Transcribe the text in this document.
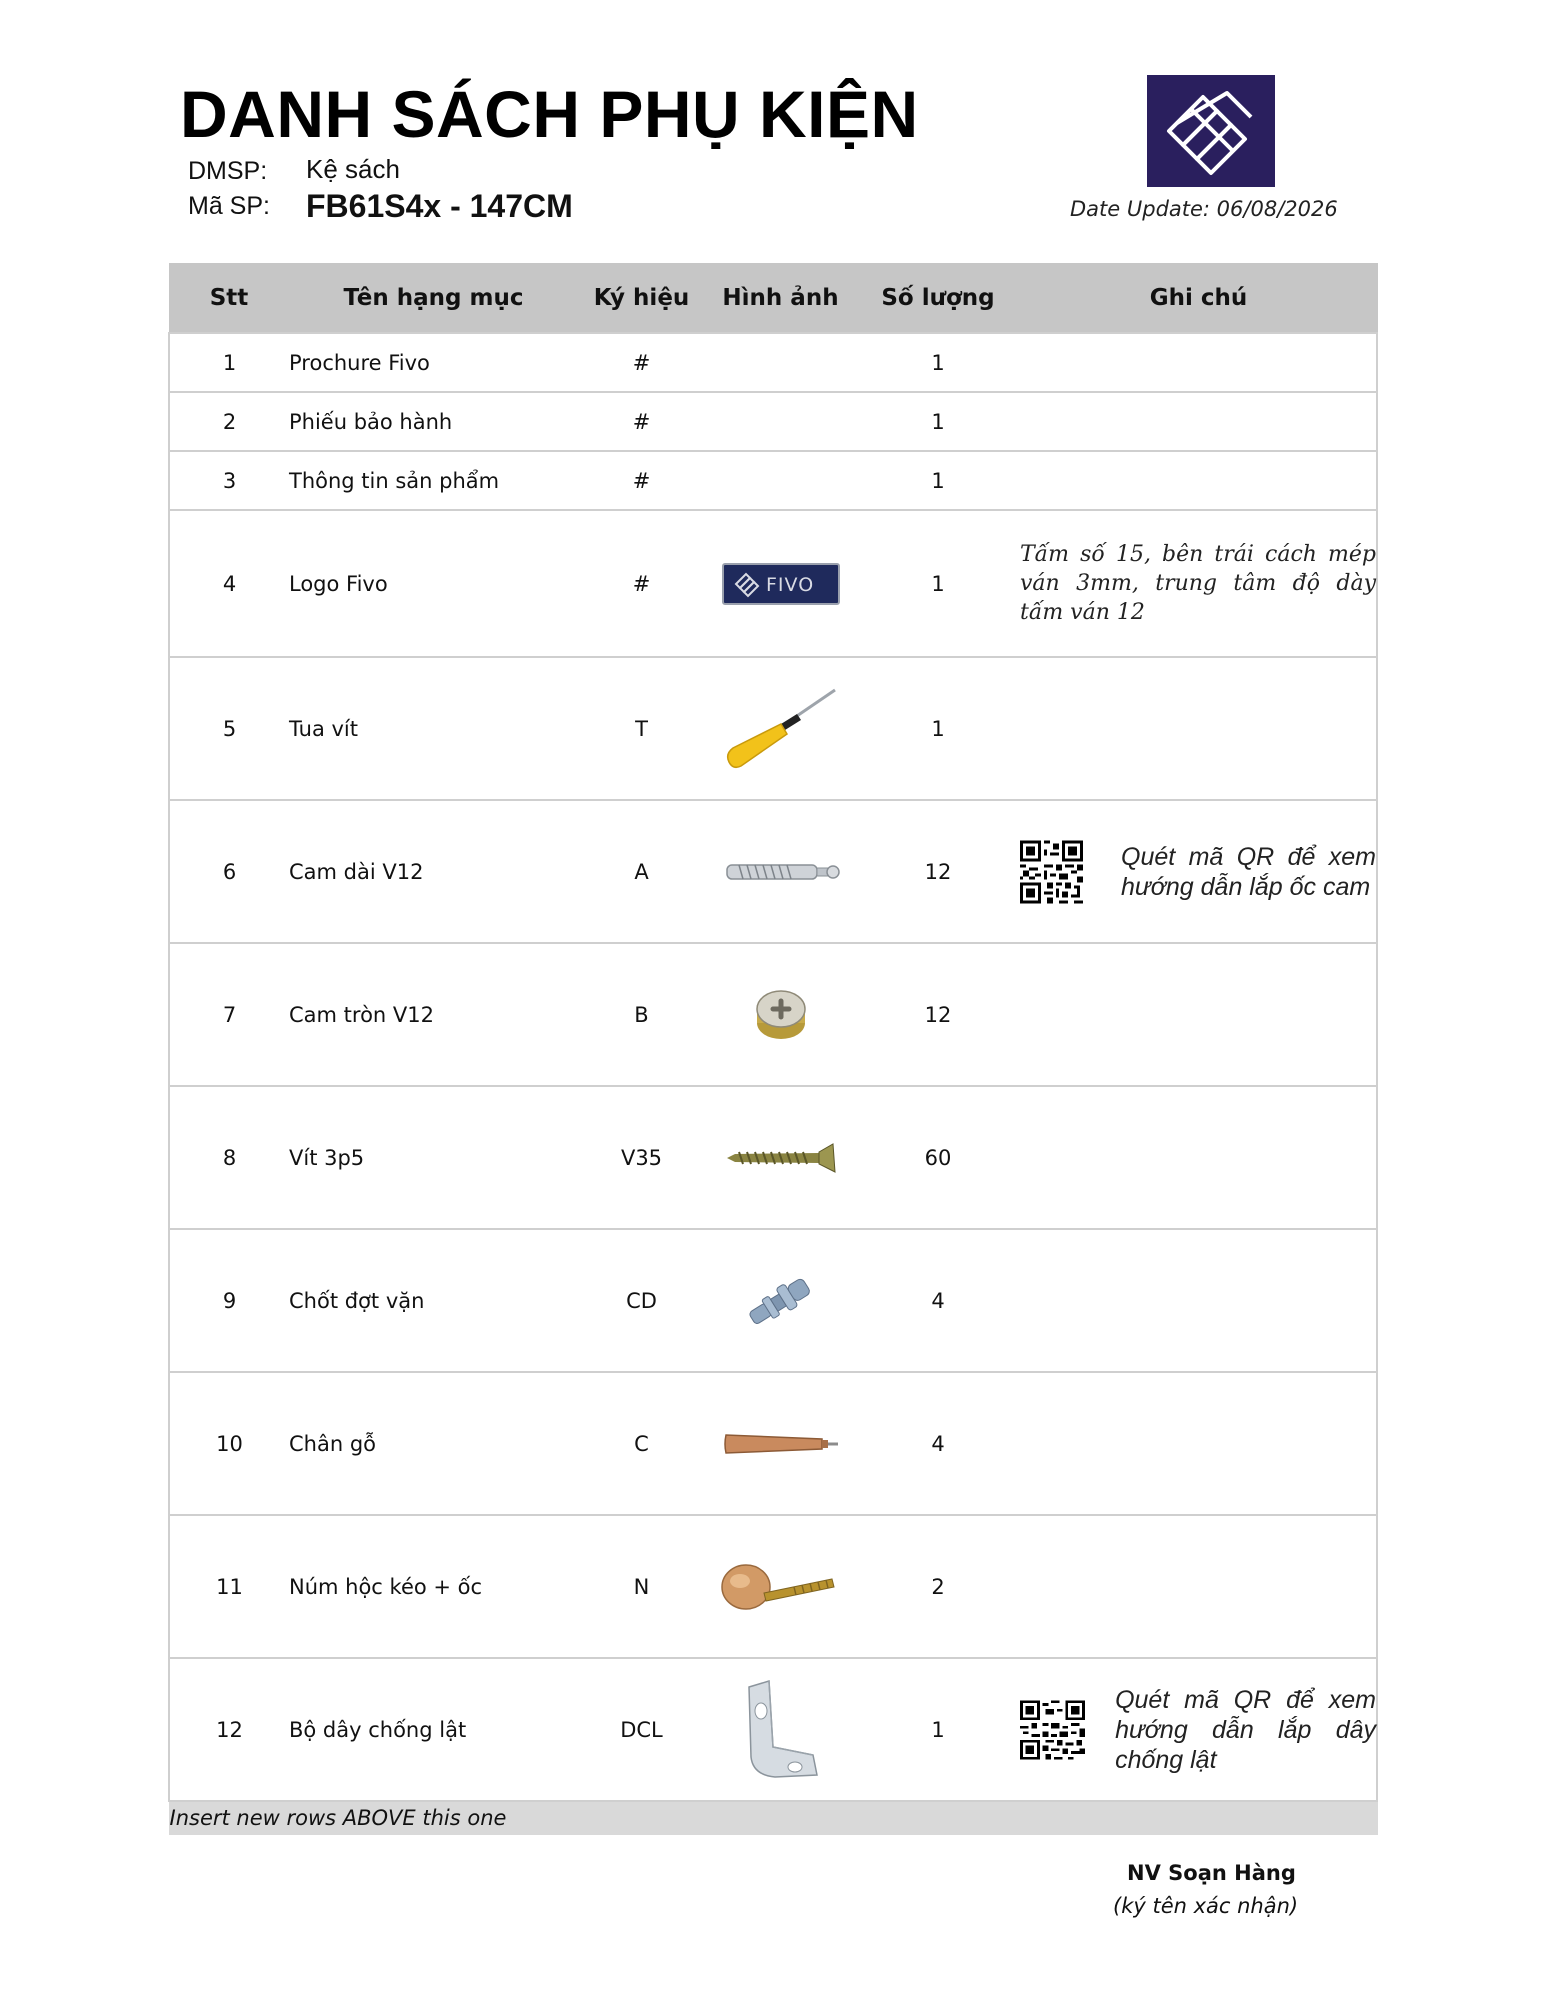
DANH SÁCH PHỤ KIỆN
DMSP: Kệ sách
Mã SP: FB61S4x - 147CM	Date Update: 06/08/2026
Stt	Tên hạng mục	Ký hiệu	Hình ảnh	Số lượng	Ghi chú
1	Prochure Fivo	#		1	
2	Phiếu bảo hành	#		1	
3	Thông tin sản phẩm	#		1	
4	Logo Fivo	#	FIVO	1	Tấm số 15, bên trái cách mép ván 3mm, trung tâm độ dày tấm ván 12

5	Tua vít	T		1	
6	Cam dài V12	A		12	Quét mã QR để xem hướng dẫn lắp ốc cam

7	Cam tròn V12	B		12	
8	Vít 3p5	V35		60	
9	Chốt đợt vặn	CD		4	
10	Chân gỗ	C		4	
11	Núm hộc kéo + ốc	N		2	
12	Bộ dây chống lật	DCL		1	Quét mã QR để xem hướng dẫn lắp dây chống lật

Insert new rows ABOVE this one					
NV Soạn Hàng
(ký tên xác nhận)
